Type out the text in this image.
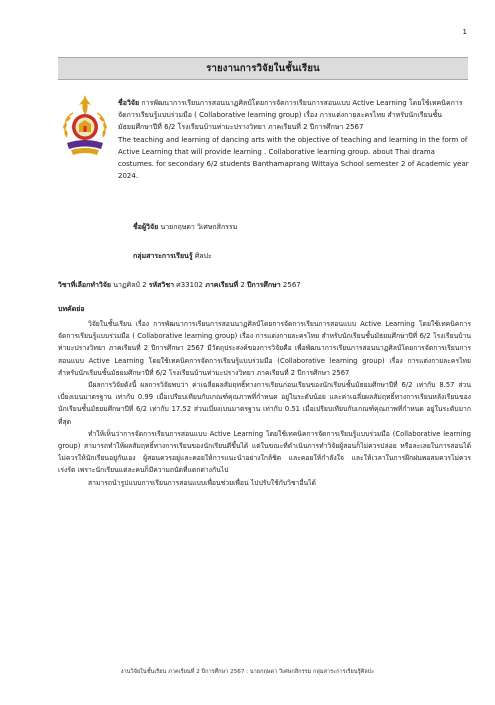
1
รายงานการวิจัยในชั้นเรียน
ชื่อวิจัย การพัฒนาการเรียนการสอนนาฏศิลป์โดยการจัดการเรียนการสอนแบบ Active Learning โดยใช้เทคนิคการจัดการเรียนรู้แบบร่วมมือ ( Collaborative learning group) เรื่อง การแต่งกายละครไทย สำหรับนักเรียนชั้นมัธยมศึกษาปีที่ 6/2 โรงเรียนบ้านท่ามะปรางวิทยา ภาคเรียนที่ 2 ปีการศึกษา 2567
The teaching and learning of dancing arts with the objective of teaching and learning in the form of Active Learning that will provide learning . Collaborative learning group. about Thai drama costumes. for secondary 6/2 students Banthamaprang Wittaya School semester 2 of Academic year 2024.
ชื่อผู้วิจัย นายกฤษดา วิเศษกสิกรรม
กลุ่มสาระการเรียนรู้ ศิลปะ
วิชาที่เลือกทำวิจัย นาฏศิลป์ 2 รหัสวิชา ศ33102 ภาคเรียนที่ 2 ปีการศึกษา 2567
บทคัดย่อ

วิจัยในชั้นเรียน เรื่อง การพัฒนาการเรียนการสอนนาฏศิลป์โดยการจัดการเรียนการสอนแบบ Active Learning โดยใช้เทคนิคการจัดการเรียนรู้แบบร่วมมือ ( Collaborative learning group) เรื่อง การแต่งกายละครไทย สำหรับนักเรียนชั้นมัธยมศึกษาปีที่ 6/2 โรงเรียนบ้านท่ามะปรางวิทยา ภาคเรียนที่ 2 ปีการศึกษา 2567 มีวัตถุประสงค์ของการวิจัยคือ เพื่อพัฒนาการเรียนการสอนนาฏศิลป์โดยการจัดการเรียนการสอนแบบ Active Learning โดยใช้เทคนิคการจัดการเรียนรู้แบบร่วมมือ (Collaborative learning group) เรื่อง การแต่งกายละครไทย สำหรับนักเรียนชั้นมัธยมศึกษาปีที่ 6/2 โรงเรียนบ้านท่ามะปรางวิทยา ภาคเรียนที่ 2 ปีการศึกษา 2567

มีผลการวิจัยดังนี้ ผลการวิจัยพบว่า ค่าเฉลี่ยผลสัมฤทธิ์ทางการเรียนก่อนเรียนของนักเรียนชั้นมัธยมศึกษาปีที่ 6/2 เท่ากับ 8.57 ส่วนเบี่ยงเบนมาตรฐาน เท่ากับ 0.99 เมื่อเปรียบเทียบกับเกณฑ์คุณภาพที่กำหนด อยู่ในระดับน้อย และค่าเฉลี่ยผลสัมฤทธิ์ทางการเรียนหลังเรียนของนักเรียนชั้นมัธยมศึกษาปีที่ 6/2 เท่ากับ 17.52 ส่วนเบี่ยงเบนมาตรฐาน เท่ากับ 0.51 เมื่อเปรียบเทียบกับเกณฑ์คุณภาพที่กำหนด อยู่ในระดับมากที่สุด

ทำให้เห็นว่าการจัดการเรียนการสอนแบบ Active Learning โดยใช้เทคนิคการจัดการเรียนรู้แบบร่วมมือ (Collaborative learning group) สามารถทำให้ผลสัมฤทธิ์ทางการเรียนของนักเรียนดีขึ้นได้ แต่ในขณะที่ดำเนินการทำวิจัยผู้สอนก็ไม่ควรปล่อย หรือละเลยในการสอนได้ ไม่ควรให้นักเรียนอยู่กันเอง ผู้สอนควรอยู่และคอยให้การแนะนำอย่างใกล้ชิด และคอยให้กำลังใจ และให้เวลาในการฝึกฝนพอสมควรไม่ควรเร่งรัด เพราะนักเรียนแต่ละคนก็มีความถนัดที่แตกต่างกันไป

สามารถนำรูปแบบการเรียนการสอนแบบเพื่อนช่วยเพื่อน ไปปรับใช้กับวิชาอื่นได้

งานวิจัยในชั้นเรียน ภาคเรียนที่ 2 ปีการศึกษา 2567 : นายกฤษดา วิเศษกสิกรรม กลุ่มสาระการเรียนรู้ศิลปะ
